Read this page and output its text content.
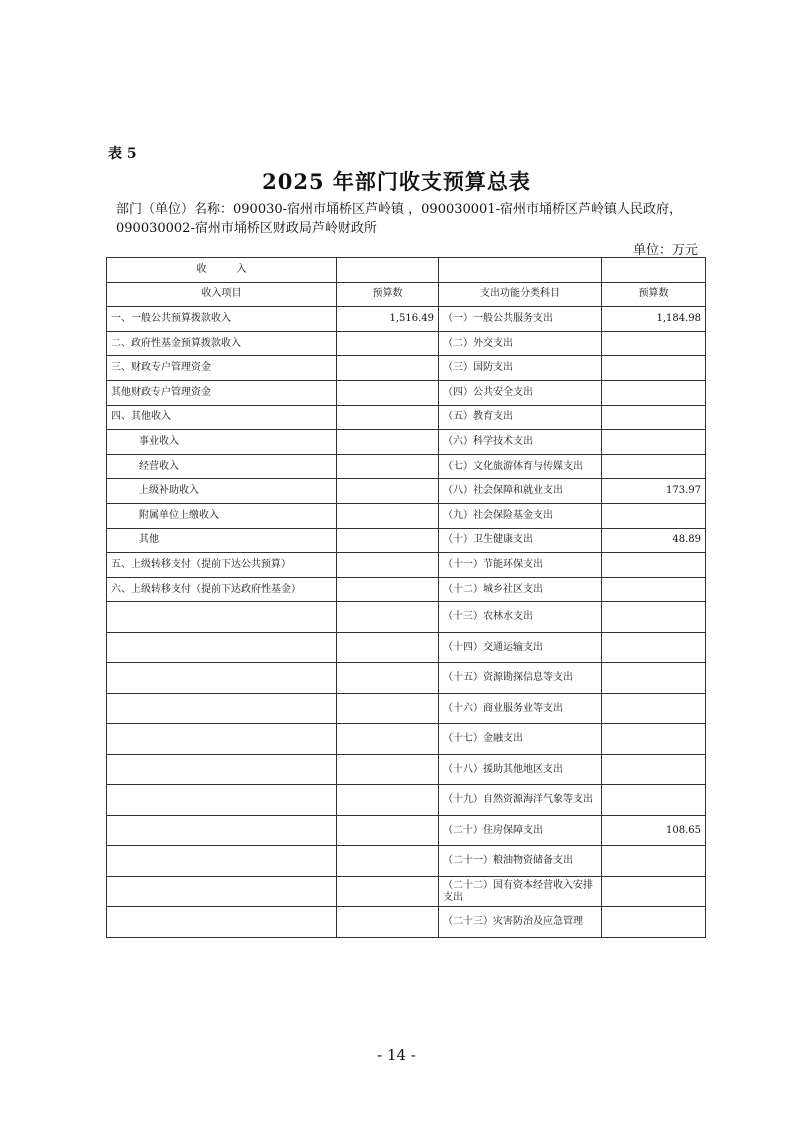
表 5
2025 年部门收支预算总表
部门（单位）名称：090030-宿州市埇桥区芦岭镇 ，090030001-宿州市埇桥区芦岭镇人民政府，
090030002-宿州市埇桥区财政局芦岭财政所
单位：万元
收　　　入			
收入项目	预算数	支出功能分类科目	预算数
一、一般公共预算拨款收入	1,516.49	（一）一般公共服务支出	1,184.98
二、政府性基金预算拨款收入		（二）外交支出	
三、财政专户管理资金		（三）国防支出	
其他财政专户管理资金		（四）公共安全支出	
四、其他收入		（五）教育支出	
事业收入		（六）科学技术支出	
经营收入		（七）文化旅游体育与传媒支出	
上级补助收入		（八）社会保障和就业支出	173.97
附属单位上缴收入		（九）社会保险基金支出	
其他		（十）卫生健康支出	48.89
五、上级转移支付（提前下达公共预算）		（十一）节能环保支出	
六、上级转移支付（提前下达政府性基金）		（十二）城乡社区支出	
		（十三）农林水支出	
		（十四）交通运输支出	
		（十五）资源勘探信息等支出	
		（十六）商业服务业等支出	
		（十七）金融支出	
		（十八）援助其他地区支出	
		（十九）自然资源海洋气象等支出	
		（二十）住房保障支出	108.65
		（二十一）粮油物资储备支出	
		（二十二）国有资本经营收入安排支出	
		（二十三）灾害防治及应急管理	
- 14 -
